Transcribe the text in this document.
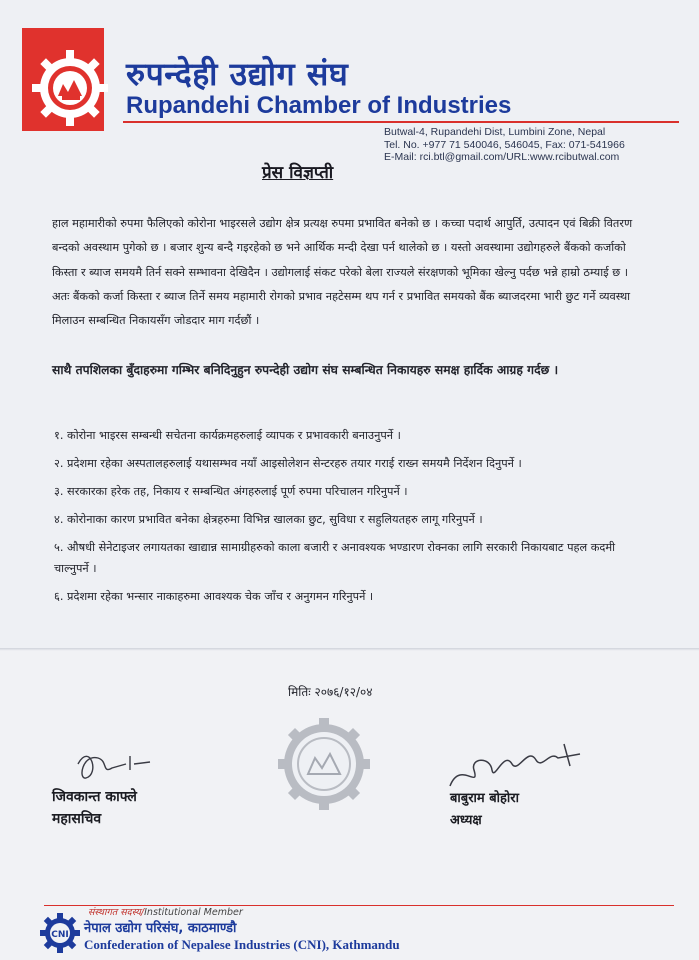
रुपन्देही उद्योग संघ
Rupandehi Chamber of Industries
Butwal-4, Rupandehi Dist, Lumbini Zone, Nepal
Tel. No. +977 71 540046, 546045, Fax: 071-541966
E-Mail: rci.btl@gmail.com/URL:www.rcibutwal.com
प्रेस विज्ञप्ती
हाल महामारीको रुपमा फैलिएको कोरोना भाइरसले उद्योग क्षेत्र प्रत्यक्ष रुपमा प्रभावित बनेको छ । कच्चा पदार्थ आपुर्ति, उत्पादन एवं बिक्री वितरण बन्दको अवस्थाम पुगेको छ । बजार शुन्य बन्दै गइरहेको छ भने आर्थिक मन्दी देखा पर्न थालेको छ । यस्तो अवस्थामा उद्योगहरुले बैंकको कर्जाको किस्ता र ब्याज समयमै तिर्न सक्ने सम्भावना देखिदैन । उद्योगलाई संकट परेको बेला राज्यले संरक्षणको भूमिका खेल्नु पर्दछ भन्ने हाम्रो ठम्याई छ । अतः बैंकको कर्जा किस्ता र ब्याज तिर्ने समय महामारी रोगको प्रभाव नहटेसम्म थप गर्न र प्रभावित समयको बैंक ब्याजदरमा भारी छुट गर्ने व्यवस्था मिलाउन सम्बन्धित निकायसँग जोडदार माग गर्दछौं ।
साथै तपशिलका बुँदाहरुमा गम्भिर बनिदिनुहुन रुपन्देही उद्योग संघ सम्बन्धित निकायहरु समक्ष हार्दिक आग्रह गर्दछ ।
१. कोरोना भाइरस सम्बन्धी सचेतना कार्यक्रमहरुलाई व्यापक र प्रभावकारी बनाउनुपर्ने ।
२. प्रदेशमा रहेका अस्पतालहरुलाई यथासम्भव नयाँ आइसोलेशन सेन्टरहरु तयार गराई राख्न समयमै निर्देशन दिनुपर्ने ।
३. सरकारका हरेक तह, निकाय र सम्बन्धित अंगहरुलाई पूर्ण रुपमा परिचालन गरिनुपर्ने ।
४. कोरोनाका कारण प्रभावित बनेका क्षेत्रहरुमा विभिन्न खालका छुट, सुविधा र सहुलियतहरु लागू गरिनुपर्ने ।
५. औषधी सेनेटाइजर लगायतका खाद्यान्न सामाग्रीहरुको काला बजारी र अनावश्यक भण्डारण रोक्नका लागि सरकारी निकायबाट पहल कदमी चाल्नुपर्ने ।
६. प्रदेशमा रहेका भन्सार नाकाहरुमा आवश्यक चेक जाँच र अनुगमन गरिनुपर्ने ।
मितिः २०७६/१२/०४
जिवकान्त काफ्ले
महासचिव
बाबुराम बोहोरा
अध्यक्ष
संस्थागत सदस्य/Institutional Member
CNI नेपाल उद्योग परिसंघ, काठमाण्डौ
Confederation of Nepalese Industries (CNI), Kathmandu
